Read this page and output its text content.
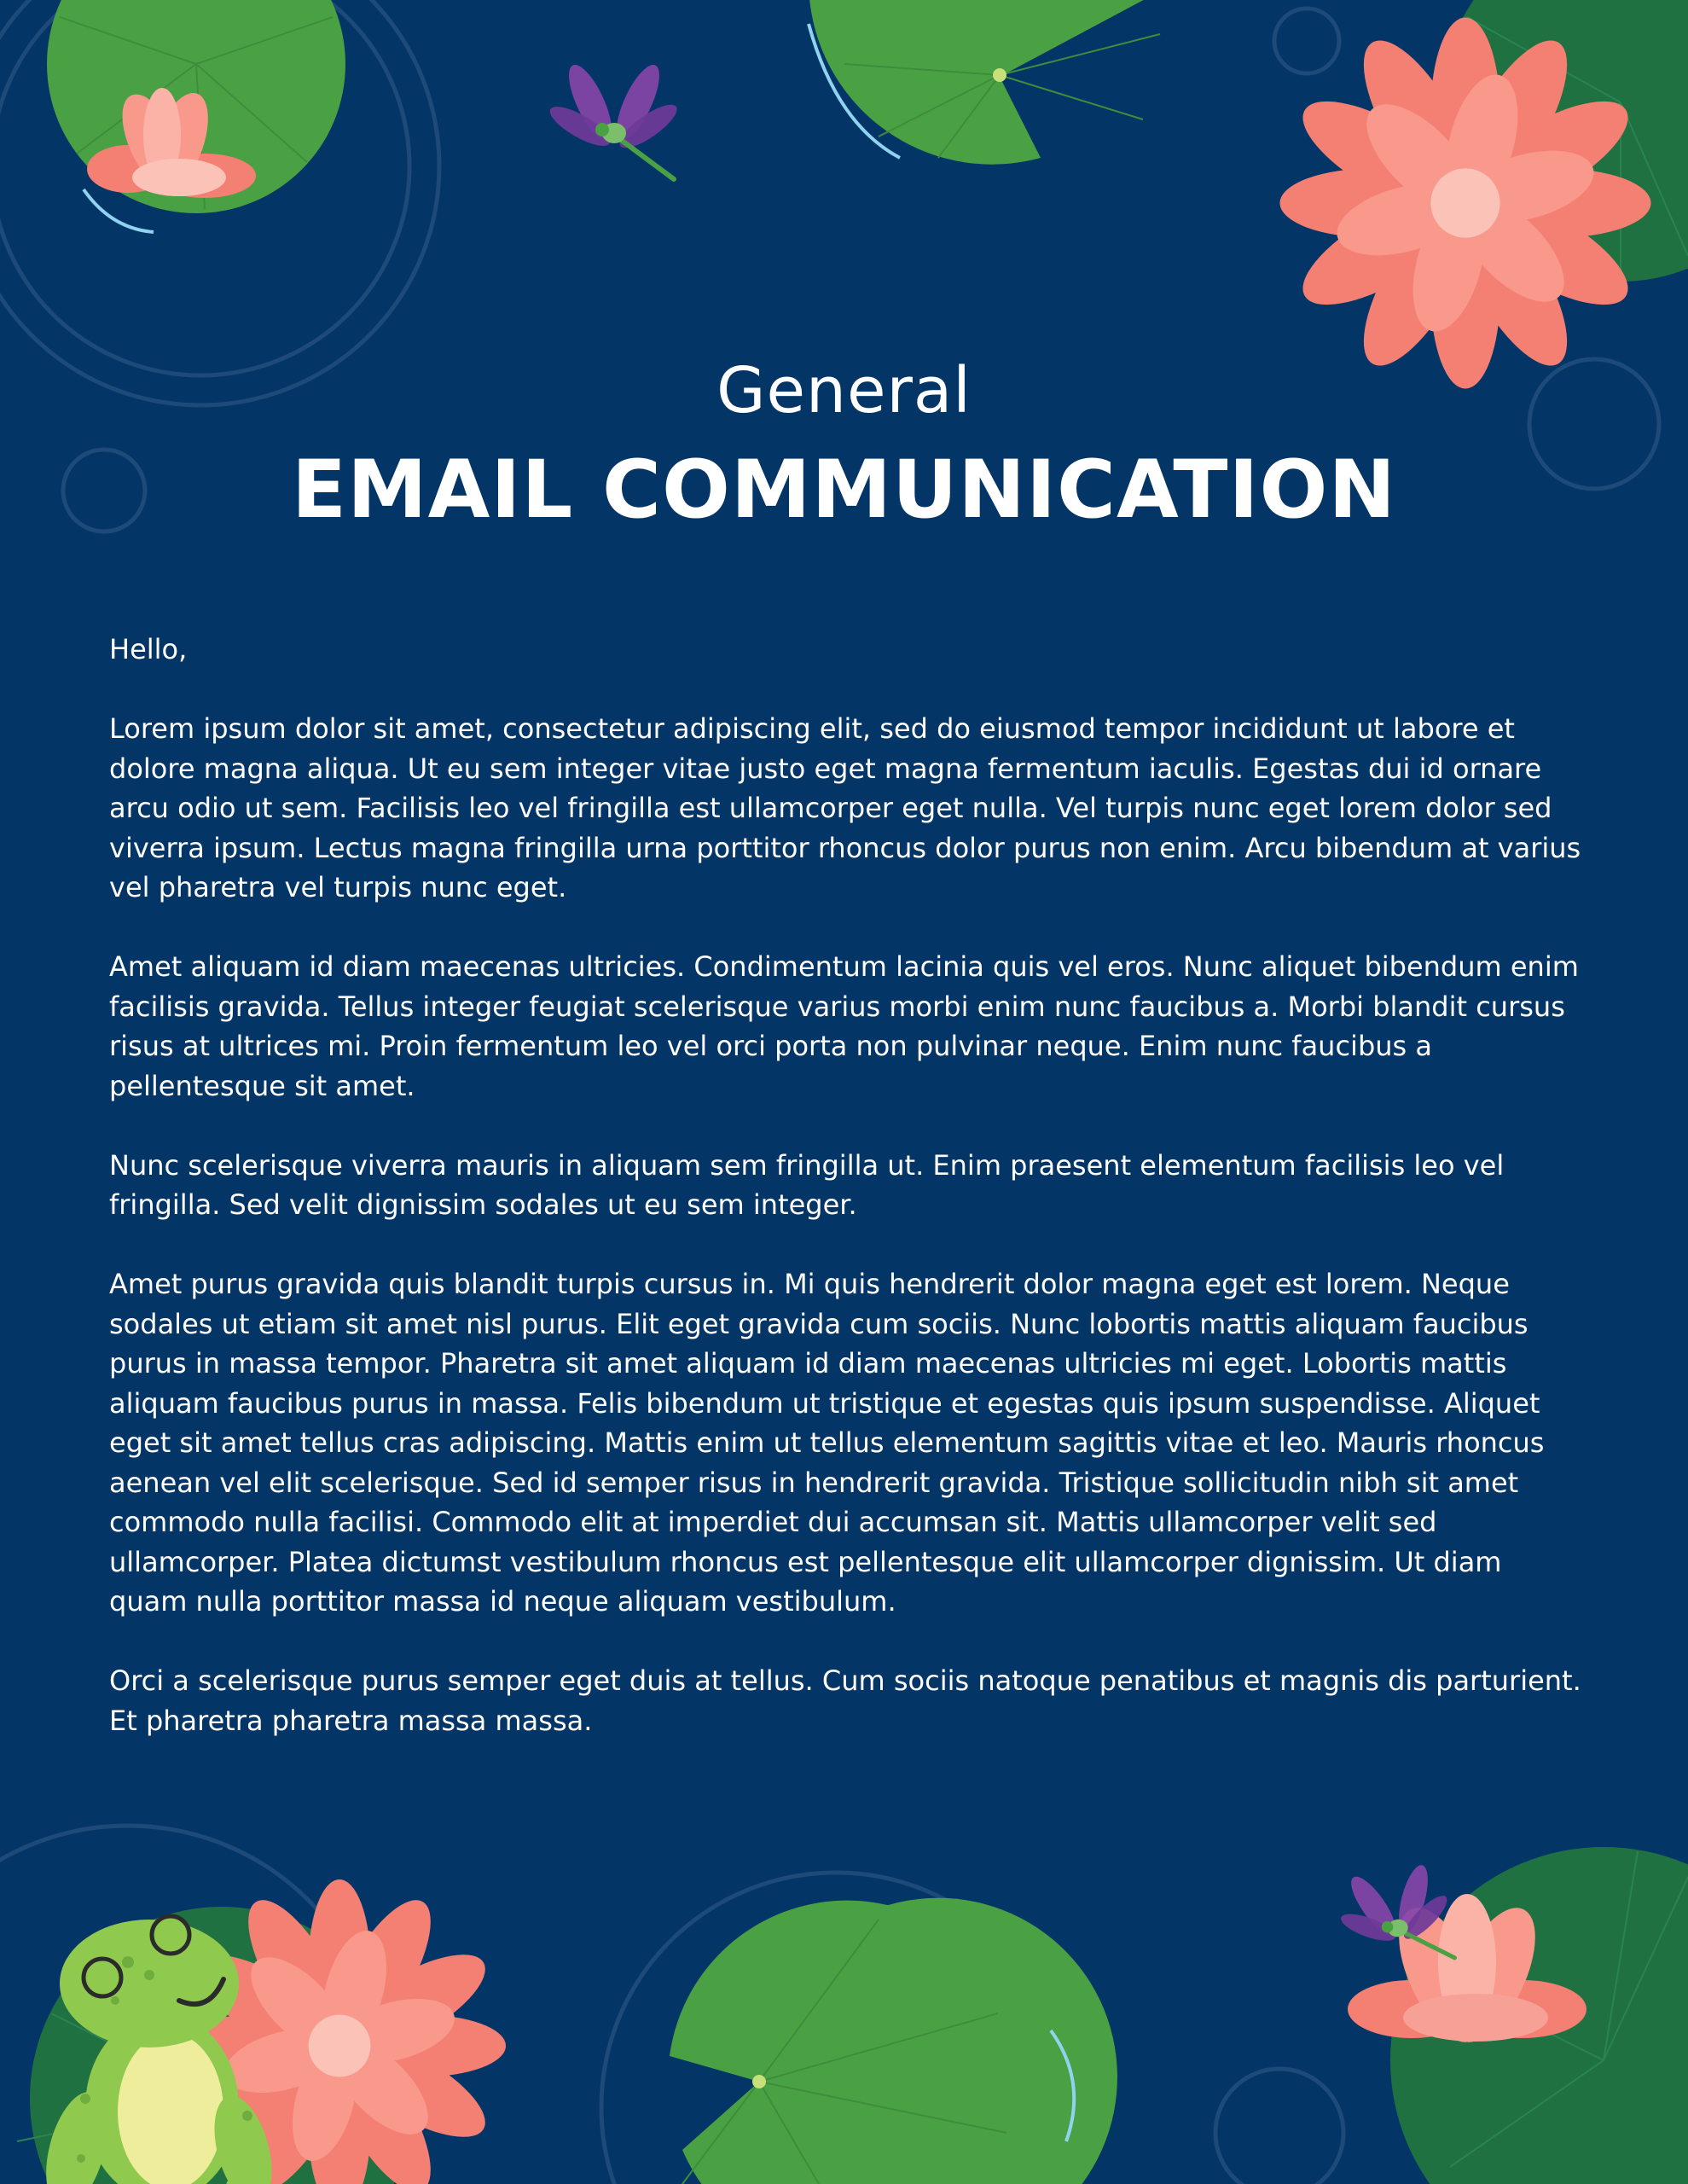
General
EMAIL COMMUNICATION

Hello,

Lorem ipsum dolor sit amet, consectetur adipiscing elit, sed do eiusmod tempor incididunt ut labore et dolore magna aliqua. Ut eu sem integer vitae justo eget magna fermentum iaculis. Egestas dui id ornare arcu odio ut sem. Facilisis leo vel fringilla est ullamcorper eget nulla. Vel turpis nunc eget lorem dolor sed viverra ipsum. Lectus magna fringilla urna porttitor rhoncus dolor purus non enim. Arcu bibendum at varius vel pharetra vel turpis nunc eget.

Amet aliquam id diam maecenas ultricies. Condimentum lacinia quis vel eros. Nunc aliquet bibendum enim facilisis gravida. Tellus integer feugiat scelerisque varius morbi enim nunc faucibus a. Morbi blandit cursus risus at ultrices mi. Proin fermentum leo vel orci porta non pulvinar neque. Enim nunc faucibus a pellentesque sit amet.

Nunc scelerisque viverra mauris in aliquam sem fringilla ut. Enim praesent elementum facilisis leo vel fringilla. Sed velit dignissim sodales ut eu sem integer.

Amet purus gravida quis blandit turpis cursus in. Mi quis hendrerit dolor magna eget est lorem. Neque sodales ut etiam sit amet nisl purus. Elit eget gravida cum sociis. Nunc lobortis mattis aliquam faucibus purus in massa tempor. Pharetra sit amet aliquam id diam maecenas ultricies mi eget. Lobortis mattis aliquam faucibus purus in massa. Felis bibendum ut tristique et egestas quis ipsum suspendisse. Aliquet eget sit amet tellus cras adipiscing. Mattis enim ut tellus elementum sagittis vitae et leo. Mauris rhoncus aenean vel elit scelerisque. Sed id semper risus in hendrerit gravida. Tristique sollicitudin nibh sit amet commodo nulla facilisi. Commodo elit at imperdiet dui accumsan sit. Mattis ullamcorper velit sed ullamcorper. Platea dictumst vestibulum rhoncus est pellentesque elit ullamcorper dignissim. Ut diam quam nulla porttitor massa id neque aliquam vestibulum.

Orci a scelerisque purus semper eget duis at tellus. Cum sociis natoque penatibus et magnis dis parturient. Et pharetra pharetra massa massa.
